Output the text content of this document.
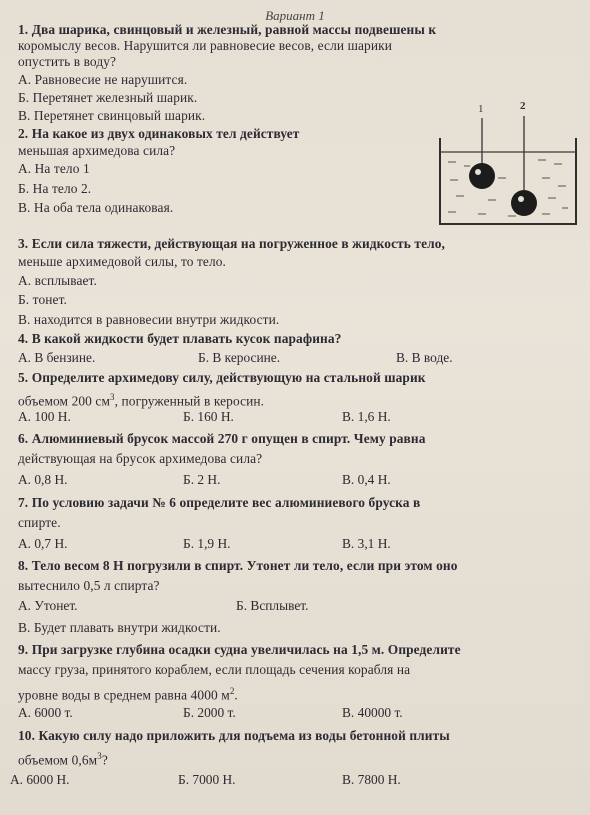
Вариант 1
1. Два шарика, свинцовый и железный, равной массы подвешены к
коромыслу весов. Нарушится ли равновесие весов, если шарики
опустить в воду?
А. Равновесие не нарушится.
Б. Перетянет железный шарик.
В. Перетянет свинцовый шарик.
2. На какое из двух одинаковых тел действует
меньшая архимедова сила?
А. На тело 1
Б. На тело 2.
В. На оба тела одинаковая.
1	2
3. Если сила тяжести, действующая на погруженное в жидкость тело,
меньше архимедовой силы, то тело.
А. всплывает.
Б. тонет.
В. находится в равновесии внутри жидкости.
4. В какой жидкости будет плавать кусок парафина?
А. В бензине.	Б. В керосине.	В. В воде.
5. Определите архимедову силу, действующую на стальной шарик
объемом 200 $см^3$, погруженный в керосин.
А. 100 Н.	Б. 160 Н.	В. 1,6 Н.
6. Алюминиевый брусок массой 270 г опущен в спирт. Чему равна
действующая на брусок архимедова сила?
А. 0,8 Н.	Б. 2 Н.	В. 0,4 Н.
7. По условию задачи № 6 определите вес алюминиевого бруска в
спирте.
А. 0,7 Н.	Б. 1,9 Н.	В. 3,1 Н.
8. Тело весом 8 Н погрузили в спирт. Утонет ли тело, если при этом оно
вытеснило 0,5 л спирта?
А. Утонет.	Б. Всплывет.
В. Будет плавать внутри жидкости.
9. При загрузке глубина осадки судна увеличилась на 1,5 м. Определите
массу груза, принятого кораблем, если площадь сечения корабля на
уровне воды в среднем равна 4000 $м^2$.
А. 6000 т.	Б. 2000 т.	В. 40000 т.
10. Какую силу надо приложить для подъема из воды бетонной плиты
объемом $0,6м^3$?
А. 6000 Н.	Б. 7000 Н.	В. 7800 Н.
